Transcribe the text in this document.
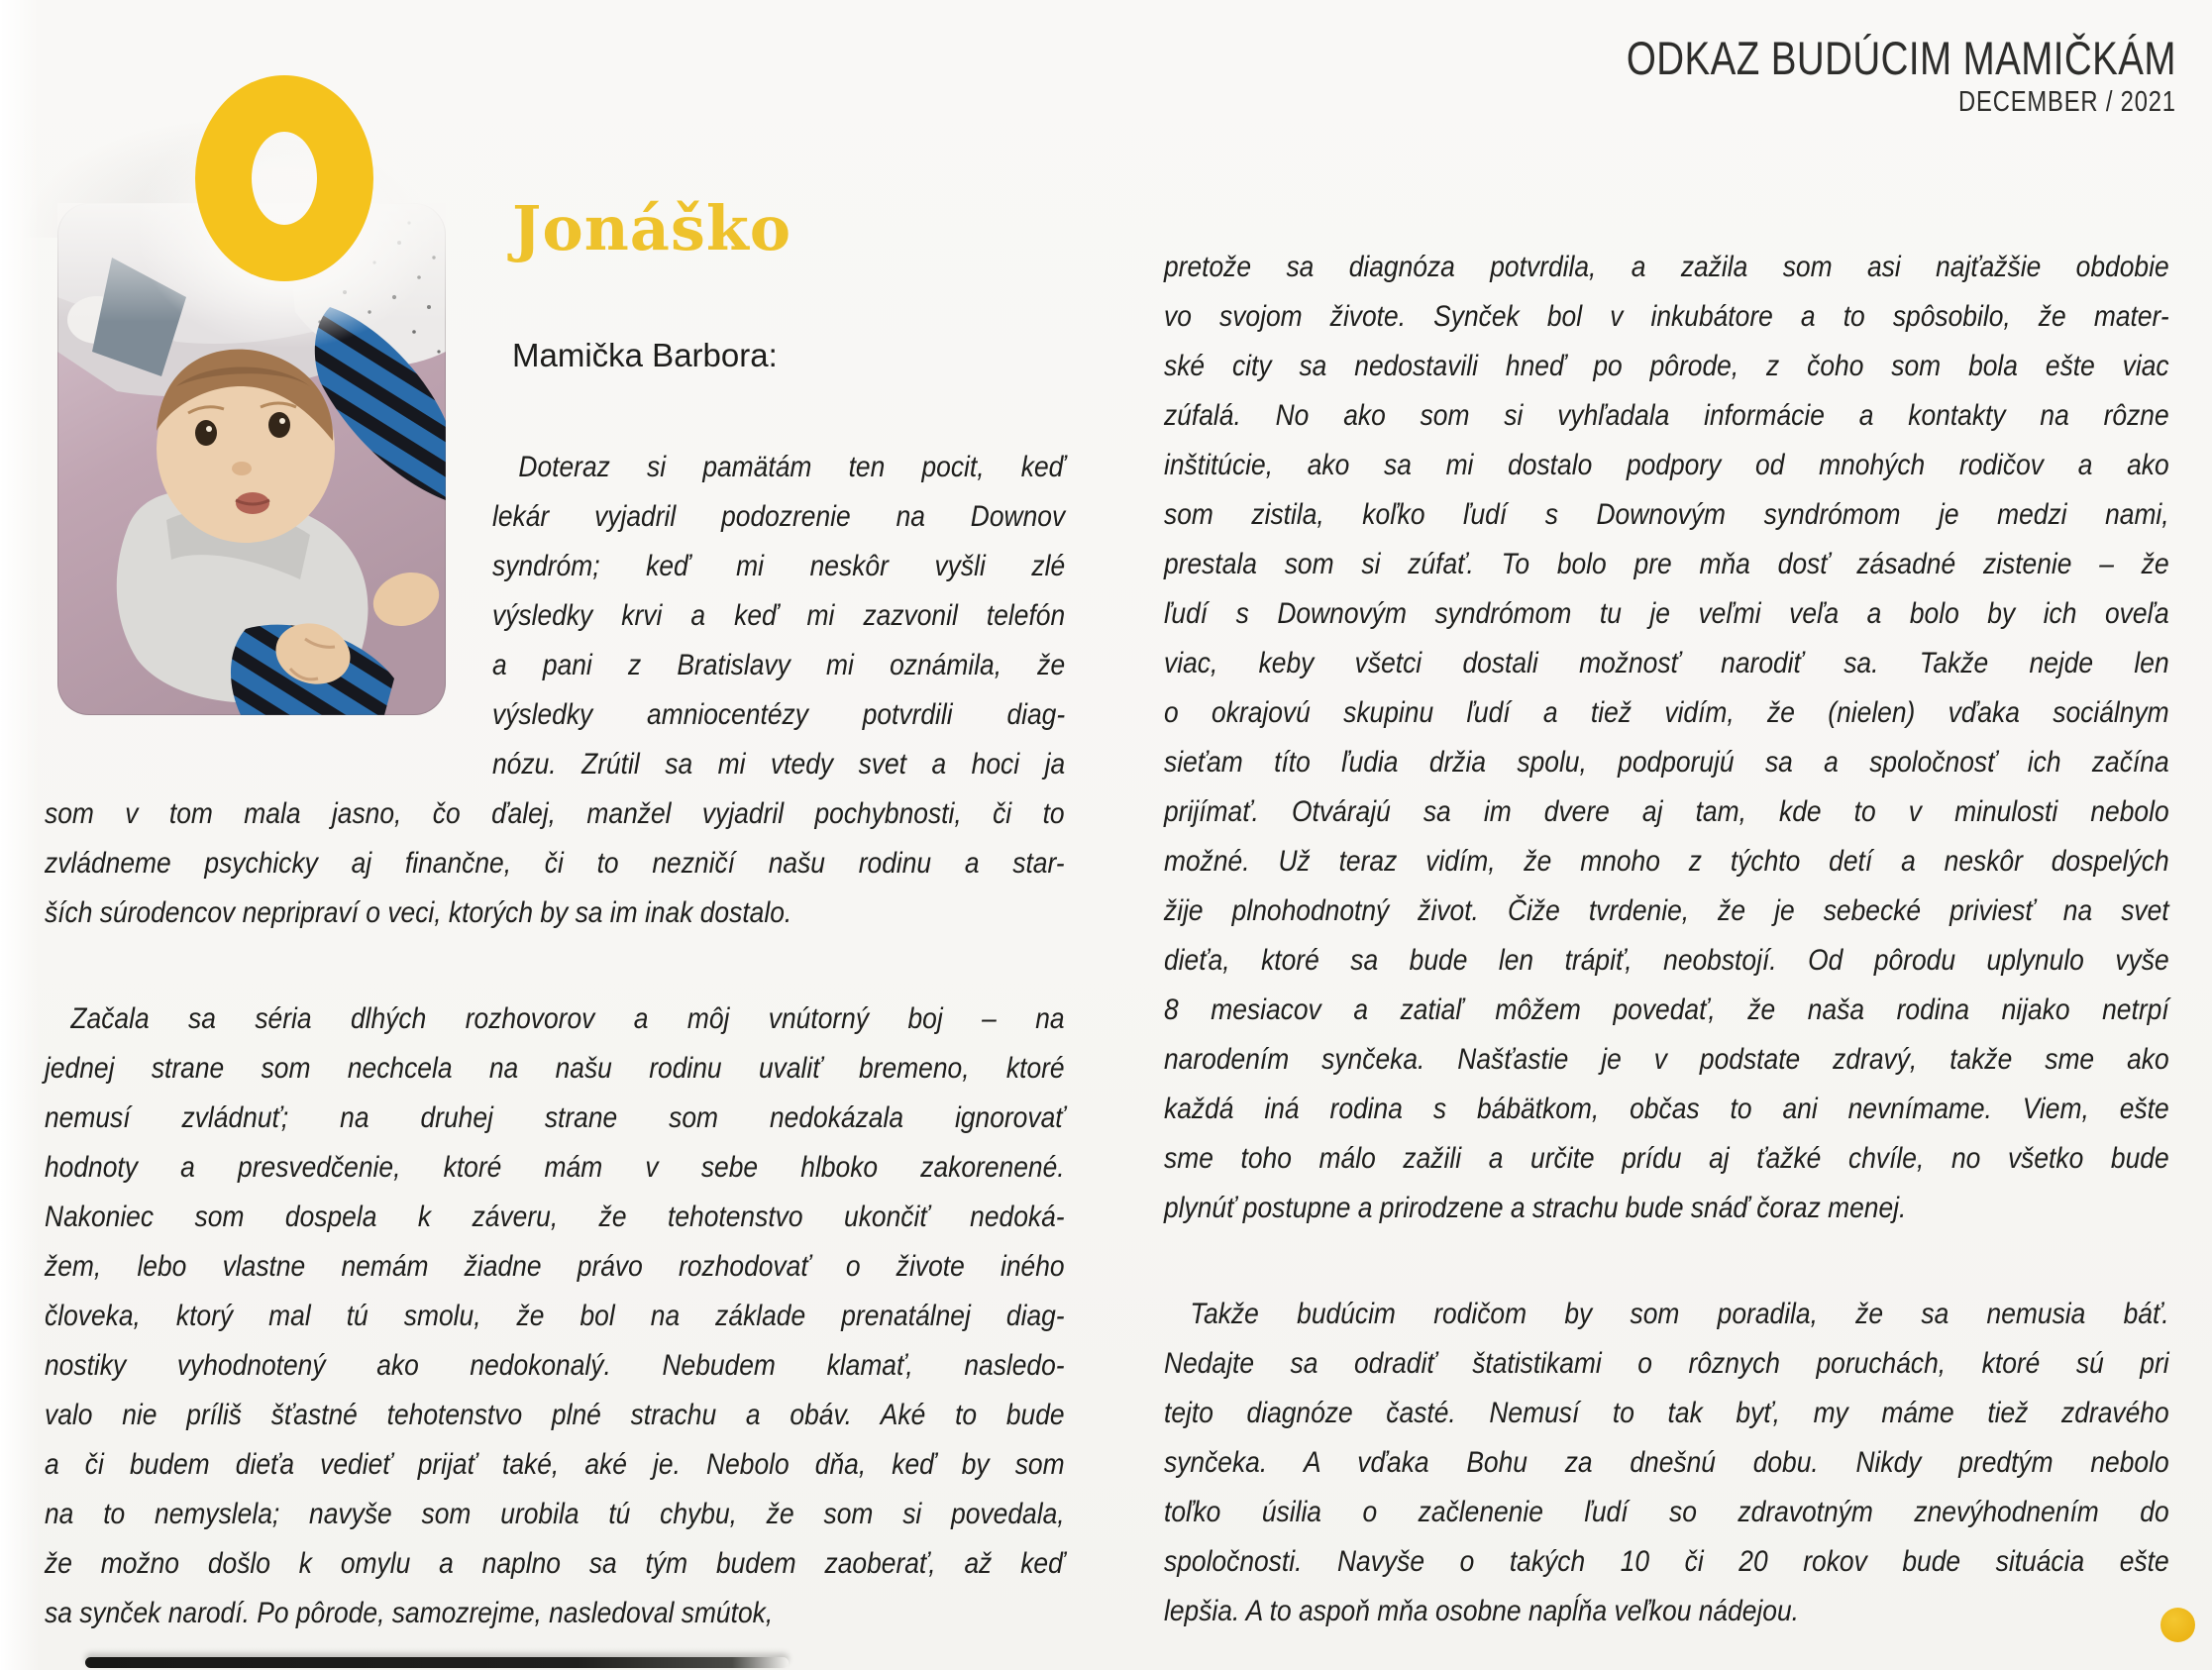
ODKAZ BUDÚCIM MAMIČKÁM
DECEMBER / 2021
Jonáško
Mamička Barbora:
Doteraz si pamätám ten pocit, keď
lekár vyjadril podozrenie na Downov
syndróm; keď mi neskôr vyšli zlé
výsledky krvi a keď mi zazvonil telefón
a pani z Bratislavy mi oznámila, že
výsledky amniocentézy potvrdili diag-
nózu. Zrútil sa mi vtedy svet a hoci ja
som v tom mala jasno, čo ďalej, manžel vyjadril pochybnosti, či to
zvládneme psychicky aj finančne, či to nezničí našu rodinu a star-
ších súrodencov nepripraví o veci, ktorých by sa im inak dostalo.
Začala sa séria dlhých rozhovorov a môj vnútorný boj – na
jednej strane som nechcela na našu rodinu uvaliť bremeno, ktoré
nemusí zvládnuť; na druhej strane som nedokázala ignorovať
hodnoty a presvedčenie, ktoré mám v sebe hlboko zakorenené.
Nakoniec som dospela k záveru, že tehotenstvo ukončiť nedoká-
žem, lebo vlastne nemám žiadne právo rozhodovať o živote iného
človeka, ktorý mal tú smolu, že bol na základe prenatálnej diag-
nostiky vyhodnotený ako nedokonalý. Nebudem klamať, nasledo-
valo nie príliš šťastné tehotenstvo plné strachu a obáv. Aké to bude
a či budem dieťa vedieť prijať také, aké je. Nebolo dňa, keď by som
na to nemyslela; navyše som urobila tú chybu, že som si povedala,
že možno došlo k omylu a naplno sa tým budem zaoberať, až keď
sa synček narodí. Po pôrode, samozrejme, nasledoval smútok,
pretože sa diagnóza potvrdila, a zažila som asi najťažšie obdobie
vo svojom živote. Synček bol v inkubátore a to spôsobilo, že mater-
ské city sa nedostavili hneď po pôrode, z čoho som bola ešte viac
zúfalá. No ako som si vyhľadala informácie a kontakty na rôzne
inštitúcie, ako sa mi dostalo podpory od mnohých rodičov a ako
som zistila, koľko ľudí s Downovým syndrómom je medzi nami,
prestala som si zúfať. To bolo pre mňa dosť zásadné zistenie – že
ľudí s Downovým syndrómom tu je veľmi veľa a bolo by ich oveľa
viac, keby všetci dostali možnosť narodiť sa. Takže nejde len
o okrajovú skupinu ľudí a tiež vidím, že (nielen) vďaka sociálnym
sieťam títo ľudia držia spolu, podporujú sa a spoločnosť ich začína
prijímať. Otvárajú sa im dvere aj tam, kde to v minulosti nebolo
možné. Už teraz vidím, že mnoho z týchto detí a neskôr dospelých
žije plnohodnotný život. Čiže tvrdenie, že je sebecké priviesť na svet
dieťa, ktoré sa bude len trápiť, neobstojí. Od pôrodu uplynulo vyše
8 mesiacov a zatiaľ môžem povedať, že naša rodina nijako netrpí
narodením synčeka. Našťastie je v podstate zdravý, takže sme ako
každá iná rodina s bábätkom, občas to ani nevnímame. Viem, ešte
sme toho málo zažili a určite prídu aj ťažké chvíle, no všetko bude
plynúť postupne a prirodzene a strachu bude snáď čoraz menej.
Takže budúcim rodičom by som poradila, že sa nemusia báť.
Nedajte sa odradiť štatistikami o rôznych poruchách, ktoré sú pri
tejto diagnóze časté. Nemusí to tak byť, my máme tiež zdravého
synčeka. A vďaka Bohu za dnešnú dobu. Nikdy predtým nebolo
toľko úsilia o začlenenie ľudí so zdravotným znevýhodnením do
spoločnosti. Navyše o takých 10 či 20 rokov bude situácia ešte
lepšia. A to aspoň mňa osobne napĺňa veľkou nádejou.
